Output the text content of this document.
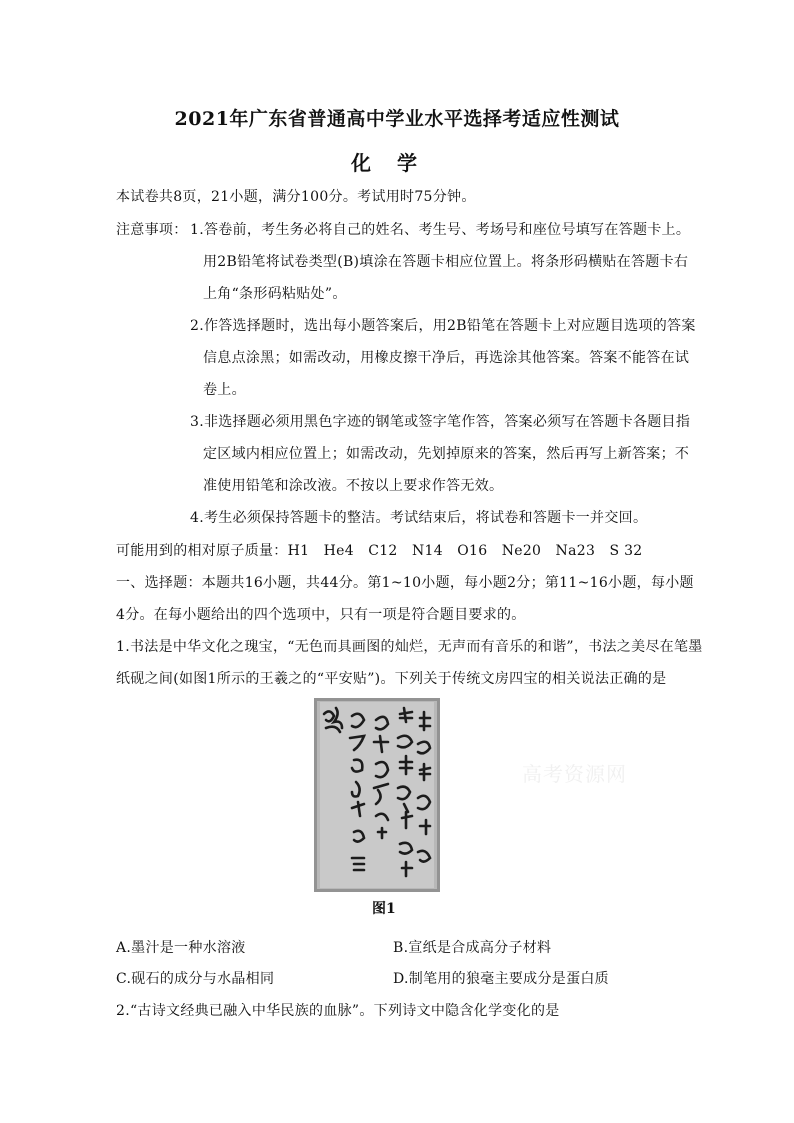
2021年广东省普通高中学业水平选择考适应性测试
化学
本试卷共8页，21小题，满分100分。考试用时75分钟。
注意事项： 1.答卷前，考生务必将自己的姓名、考生号、考场号和座位号填写在答题卡上。
用2B铅笔将试卷类型(B)填涂在答题卡相应位置上。将条形码横贴在答题卡右
上角“条形码粘贴处”。
2.作答选择题时，选出每小题答案后，用2B铅笔在答题卡上对应题目选项的答案
信息点涂黑；如需改动，用橡皮擦干净后，再选涂其他答案。答案不能答在试
卷上。
3.非选择题必须用黑色字迹的钢笔或签字笔作答，答案必须写在答题卡各题目指
定区域内相应位置上；如需改动，先划掉原来的答案，然后再写上新答案；不
准使用铅笔和涂改液。不按以上要求作答无效。
4.考生必须保持答题卡的整洁。考试结束后，将试卷和答题卡一并交回。
可能用到的相对原子质量：H1　He4　C12　N14　O16　Ne20　Na23　S 32
一、选择题：本题共16小题，共44分。第1~10小题，每小题2分；第11~16小题，每小题
4分。在每小题给出的四个选项中，只有一项是符合题目要求的。
1.书法是中华文化之瑰宝，“无色而具画图的灿烂，无声而有音乐的和谐”，书法之美尽在笔墨
纸砚之间(如图1所示的王羲之的“平安贴”)。下列关于传统文房四宝的相关说法正确的是
图1
高考资源网
A.墨汁是一种水溶液	B.宣纸是合成高分子材料
C.砚石的成分与水晶相同	D.制笔用的狼毫主要成分是蛋白质
2.“古诗文经典已融入中华民族的血脉”。下列诗文中隐含化学变化的是
